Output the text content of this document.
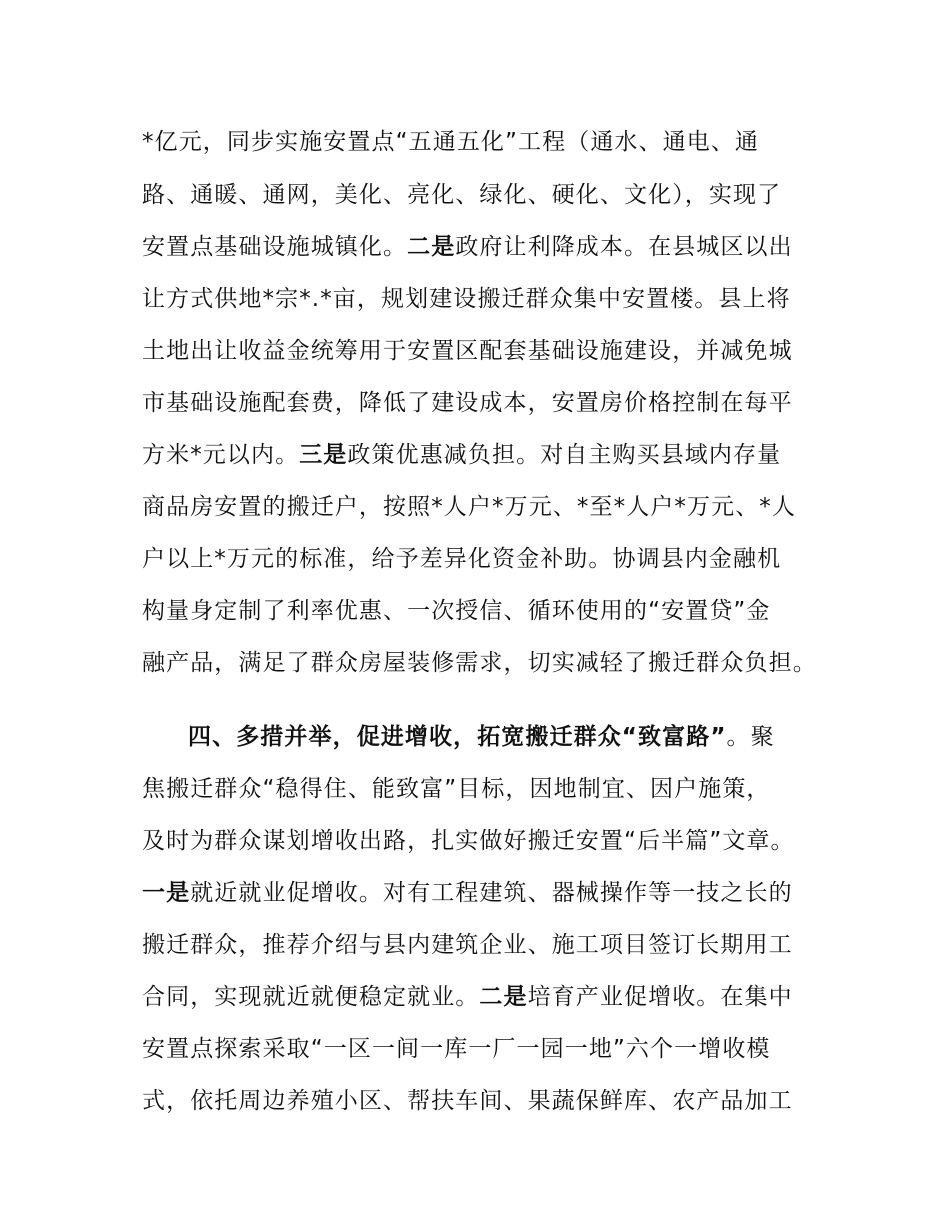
*亿元，同步实施安置点“五通五化”工程（通水、通电、通
路、通暖、通网，美化、亮化、绿化、硬化、文化），实现了
安置点基础设施城镇化。二是政府让利降成本。在县城区以出
让方式供地*宗*.*亩，规划建设搬迁群众集中安置楼。县上将
土地出让收益金统筹用于安置区配套基础设施建设，并减免城
市基础设施配套费，降低了建设成本，安置房价格控制在每平
方米*元以内。三是政策优惠减负担。对自主购买县域内存量
商品房安置的搬迁户，按照*人户*万元、*至*人户*万元、*人
户以上*万元的标准，给予差异化资金补助。协调县内金融机
构量身定制了利率优惠、一次授信、循环使用的“安置贷”金
融产品，满足了群众房屋装修需求，切实减轻了搬迁群众负担。
四、多措并举，促进增收，拓宽搬迁群众“致富路”。聚
焦搬迁群众“稳得住、能致富”目标，因地制宜、因户施策，
及时为群众谋划增收出路，扎实做好搬迁安置“后半篇”文章。
一是就近就业促增收。对有工程建筑、器械操作等一技之长的
搬迁群众，推荐介绍与县内建筑企业、施工项目签订长期用工
合同，实现就近就便稳定就业。二是培育产业促增收。在集中
安置点探索采取“一区一间一库一厂一园一地”六个一增收模
式，依托周边养殖小区、帮扶车间、果蔬保鲜库、农产品加工
